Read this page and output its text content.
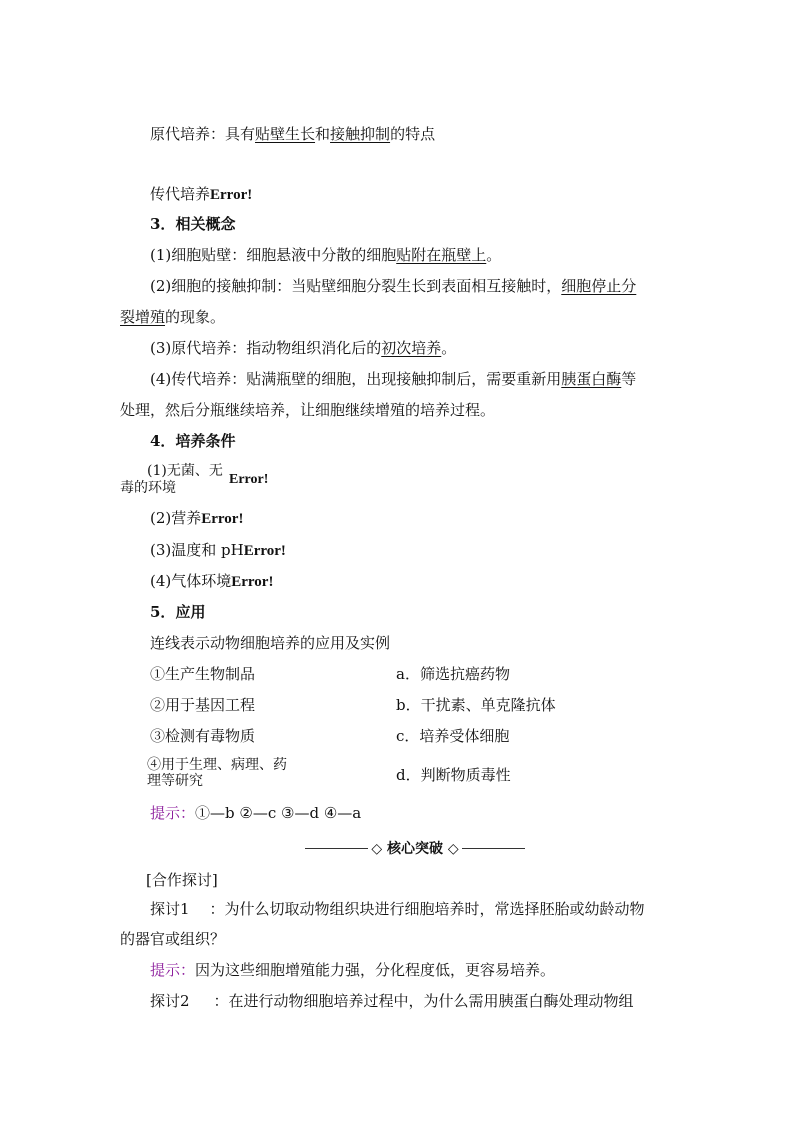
原代培养：具有贴壁生长和接触抑制的特点
传代培养Error!
3．相关概念
(1)细胞贴壁：细胞悬液中分散的细胞贴附在瓶壁上。
(2)细胞的接触抑制：当贴壁细胞分裂生长到表面相互接触时，细胞停止分
裂增殖的现象。
(3)原代培养：指动物组织消化后的初次培养。
(4)传代培养：贴满瓶壁的细胞，出现接触抑制后，需要重新用胰蛋白酶等
处理，然后分瓶继续培养，让细胞继续增殖的培养过程。
4．培养条件
(1)无菌、无
毒的环境
Error!
(2)营养Error!
(3)温度和 pHError!
(4)气体环境Error!
5．应用
连线表示动物细胞培养的应用及实例
①生产生物制品	a．筛选抗癌药物
②用于基因工程	b．干扰素、单克隆抗体
③检测有毒物质	c．培养受体细胞
④用于生理、病理、药理等研究	d．判断物质毒性
提示：①—b ②—c ③—d ④—a
◇ 核心突破 ◇
[合作探讨]
探讨1 ：为什么切取动物组织块进行细胞培养时，常选择胚胎或幼龄动物
的器官或组织？
提示：因为这些细胞增殖能力强，分化程度低，更容易培养。
探讨2 ：在进行动物细胞培养过程中，为什么需用胰蛋白酶处理动物组
